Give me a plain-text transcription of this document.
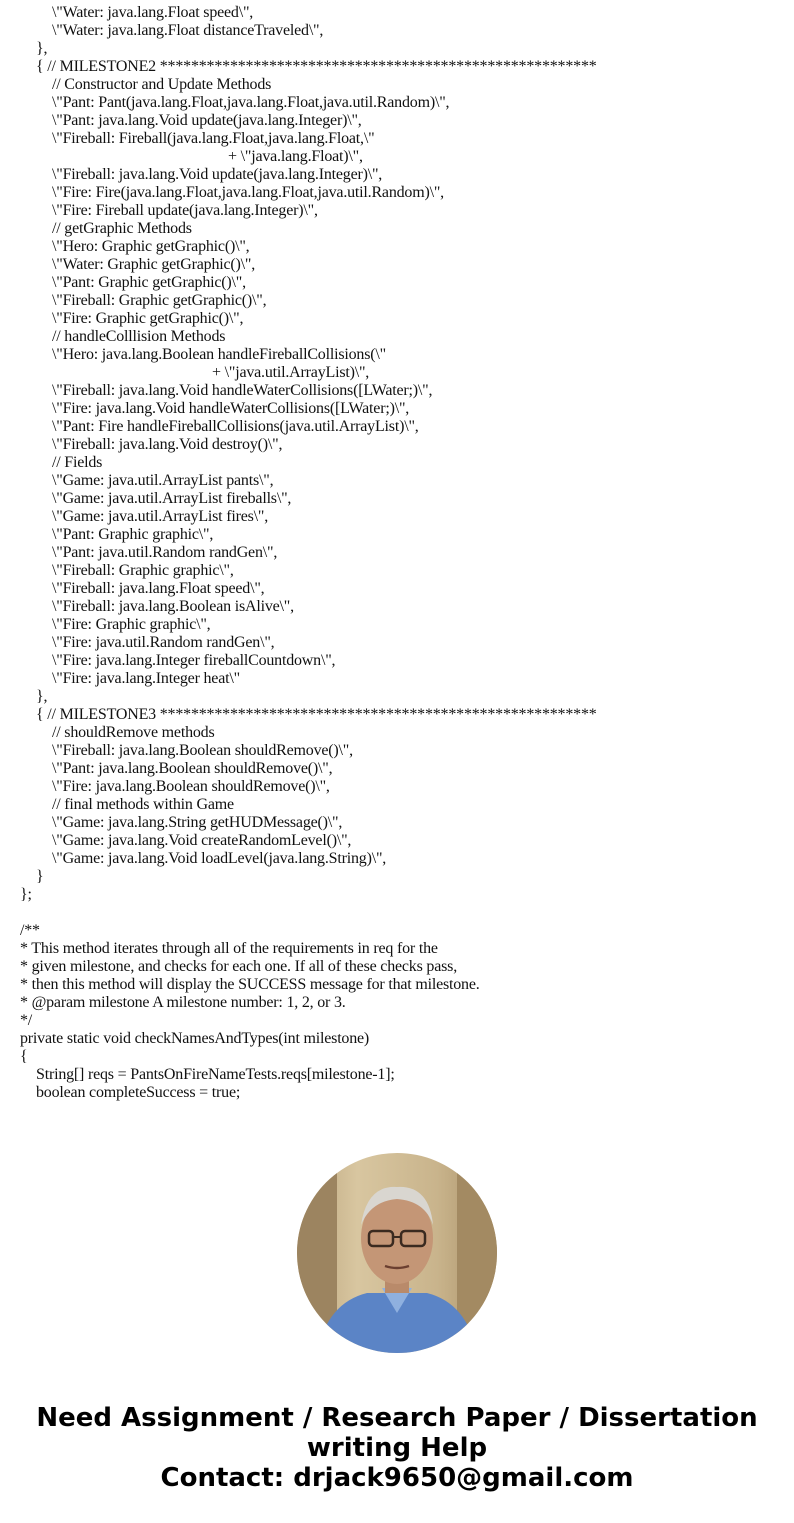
\"Water: java.lang.Float speed\",
\"Water: java.lang.Float distanceTraveled\",
},
{ // MILESTONE2 ********************************************************
// Constructor and Update Methods
\"Pant: Pant(java.lang.Float,java.lang.Float,java.util.Random)\",
\"Pant: java.lang.Void update(java.lang.Integer)\",
\"Fireball: Fireball(java.lang.Float,java.lang.Float,\"
+ \"java.lang.Float)\",
\"Fireball: java.lang.Void update(java.lang.Integer)\",
\"Fire: Fire(java.lang.Float,java.lang.Float,java.util.Random)\",
\"Fire: Fireball update(java.lang.Integer)\",
// getGraphic Methods
\"Hero: Graphic getGraphic()\",
\"Water: Graphic getGraphic()\",
\"Pant: Graphic getGraphic()\",
\"Fireball: Graphic getGraphic()\",
\"Fire: Graphic getGraphic()\",
// handleColllision Methods
\"Hero: java.lang.Boolean handleFireballCollisions(\"
+ \"java.util.ArrayList)\",
\"Fireball: java.lang.Void handleWaterCollisions([LWater;)\",
\"Fire: java.lang.Void handleWaterCollisions([LWater;)\",
\"Pant: Fire handleFireballCollisions(java.util.ArrayList)\",
\"Fireball: java.lang.Void destroy()\",
// Fields
\"Game: java.util.ArrayList pants\",
\"Game: java.util.ArrayList fireballs\",
\"Game: java.util.ArrayList fires\",
\"Pant: Graphic graphic\",
\"Pant: java.util.Random randGen\",
\"Fireball: Graphic graphic\",
\"Fireball: java.lang.Float speed\",
\"Fireball: java.lang.Boolean isAlive\",
\"Fire: Graphic graphic\",
\"Fire: java.util.Random randGen\",
\"Fire: java.lang.Integer fireballCountdown\",
\"Fire: java.lang.Integer heat\"
},
{ // MILESTONE3 ********************************************************
// shouldRemove methods
\"Fireball: java.lang.Boolean shouldRemove()\",
\"Pant: java.lang.Boolean shouldRemove()\",
\"Fire: java.lang.Boolean shouldRemove()\",
// final methods within Game
\"Game: java.lang.String getHUDMessage()\",
\"Game: java.lang.Void createRandomLevel()\",
\"Game: java.lang.Void loadLevel(java.lang.String)\",
}
};
/**
* This method iterates through all of the requirements in req for the
* given milestone, and checks for each one. If all of these checks pass,
* then this method will display the SUCCESS message for that milestone.
* @param milestone A milestone number: 1, 2, or 3.
*/
private static void checkNamesAndTypes(int milestone)
{
String[] reqs = PantsOnFireNameTests.reqs[milestone-1];
boolean completeSuccess = true;
Need Assignment / Research Paper / Dissertation
writing Help
Contact: drjack9650@gmail.com
